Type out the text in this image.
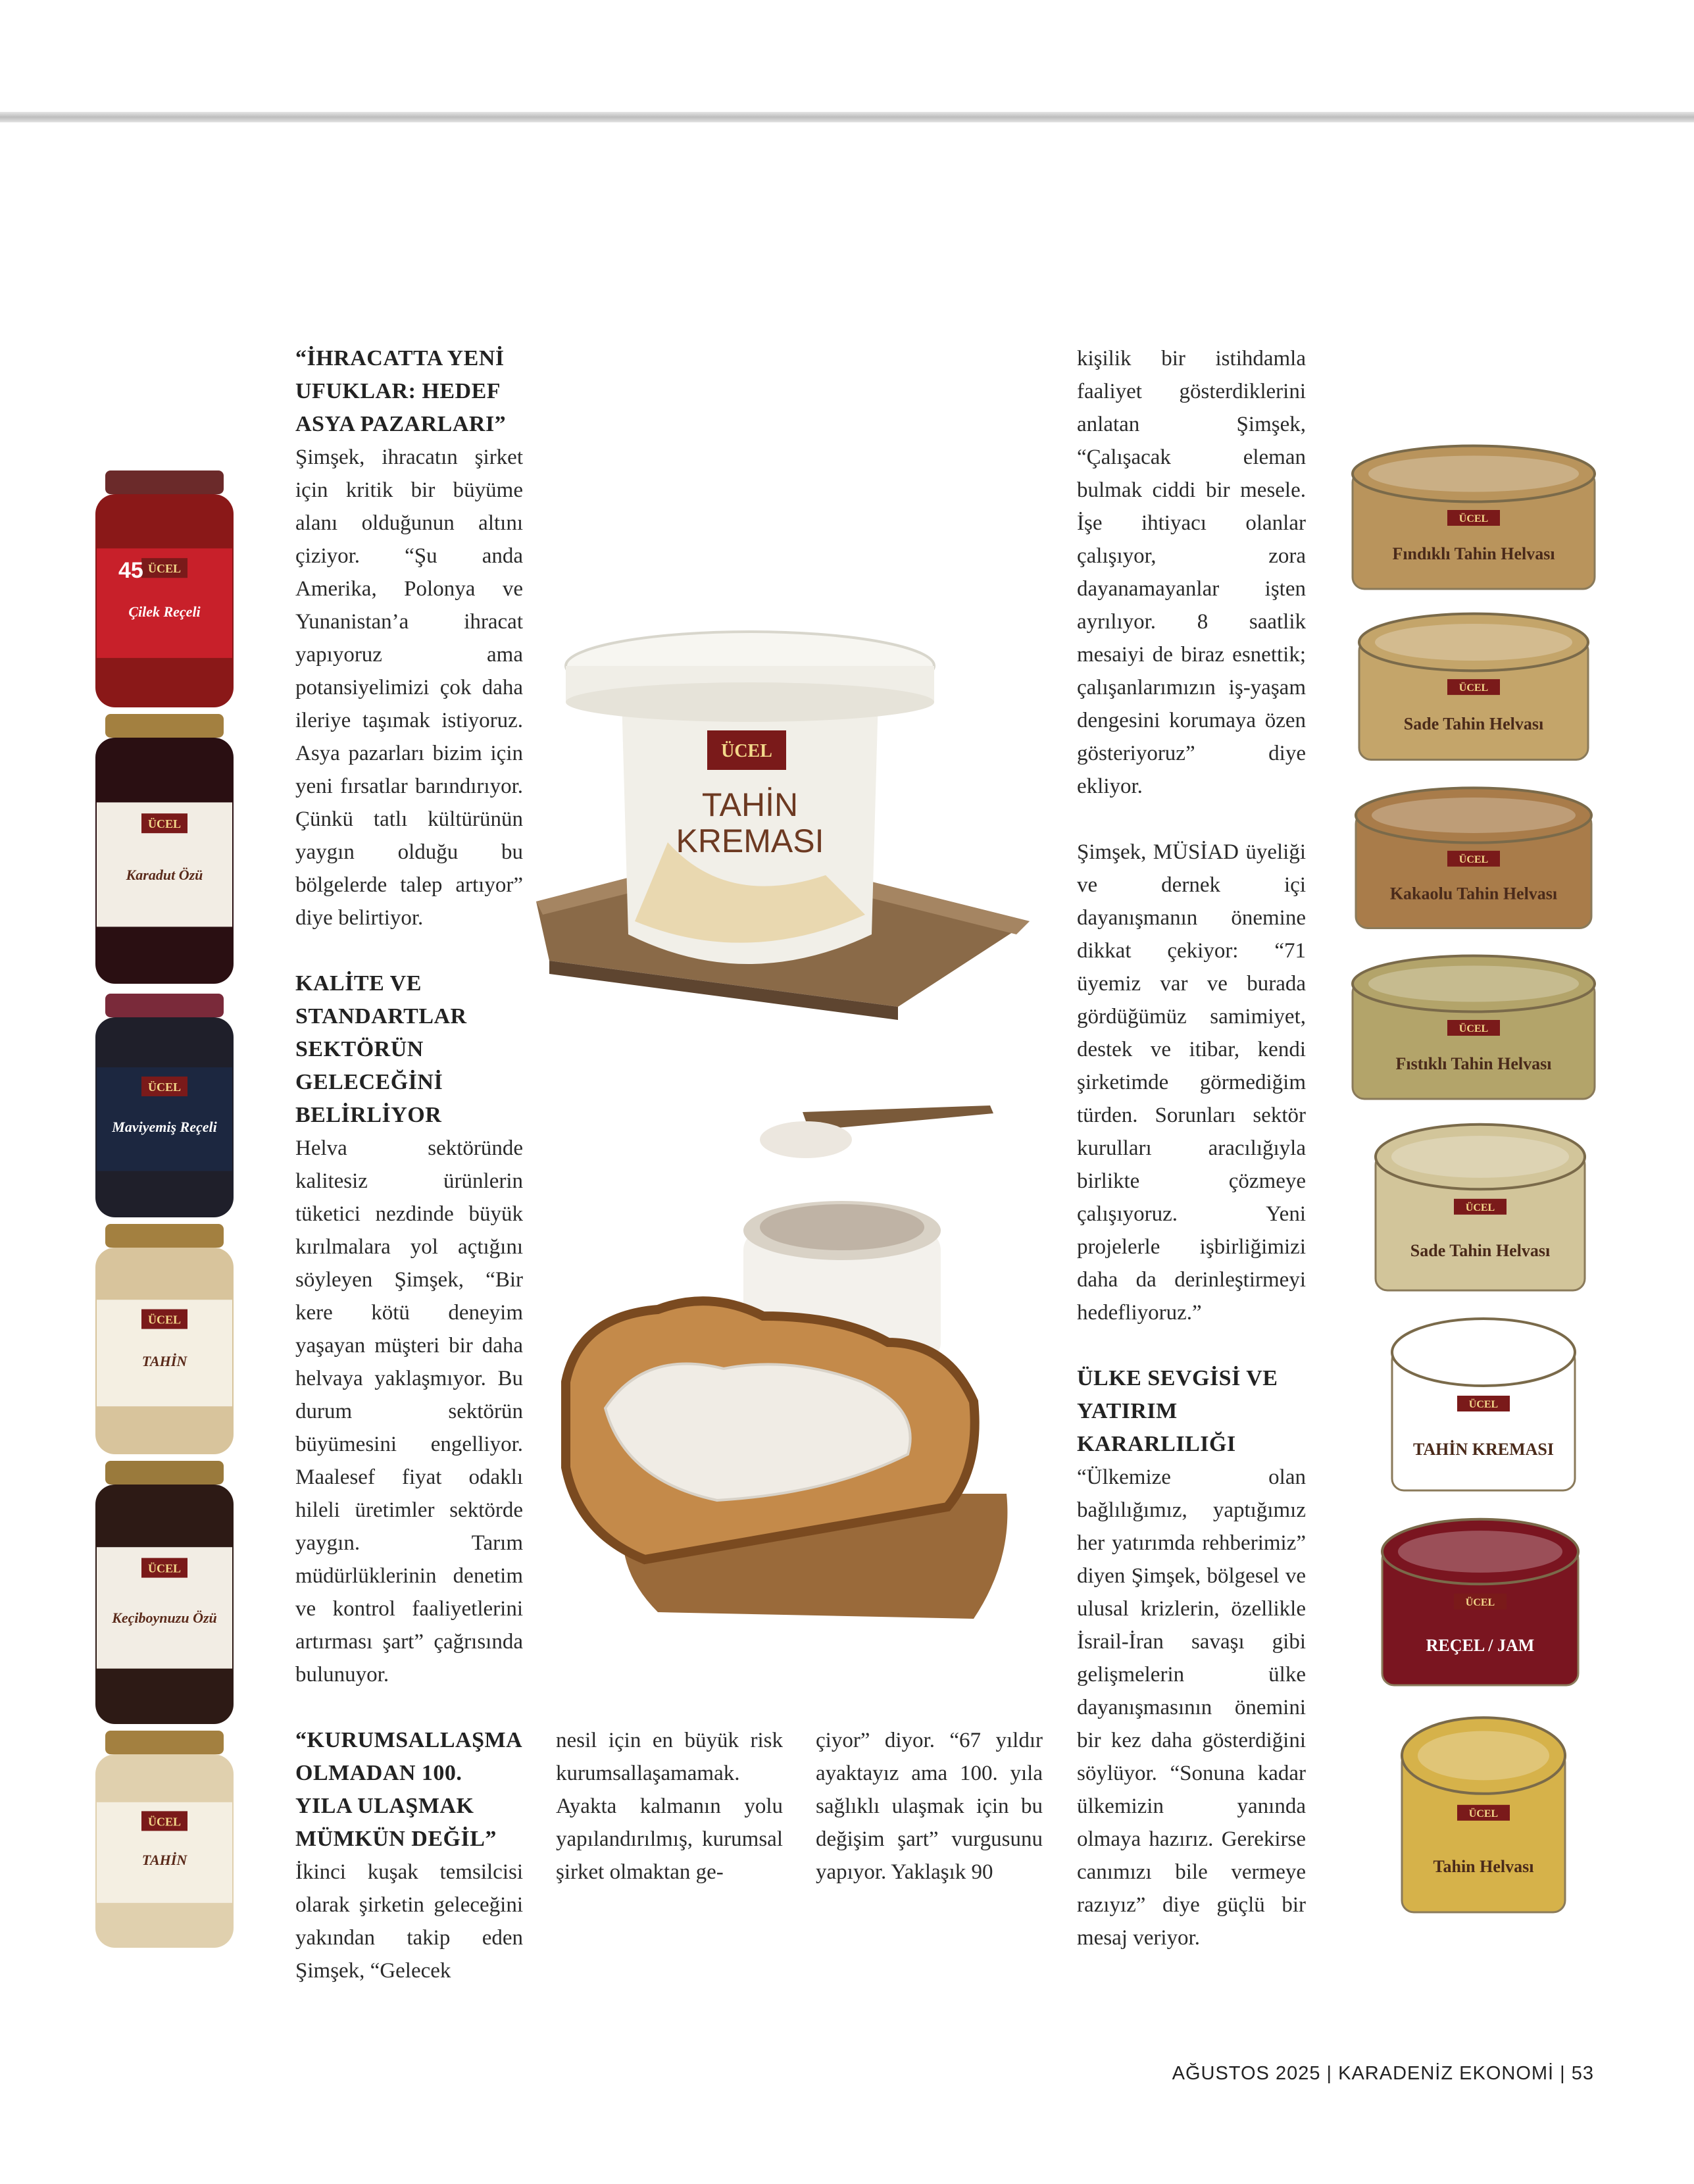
“İHRACATTA YENİ UFUKLAR: HEDEF ASYA PAZARLARI”

Şimşek, ihracatın şirket için kritik bir büyüme alanı olduğunun altını çiziyor. “Şu anda Amerika, Polonya ve Yunanistan’a ihracat yapıyoruz ama potansiyelimizi çok daha ileriye taşımak istiyoruz. Asya pazarları bizim için yeni fırsatlar barındırıyor. Çünkü tatlı kültürünün yaygın olduğu bu bölgelerde talep artıyor” diye belirtiyor.

KALİTE VE STANDARTLAR SEKTÖRÜN GELECEĞİNİ BELİRLİYOR

Helva sektöründe kalitesiz ürünlerin tüketici nezdinde büyük kırılmalara yol açtığını söyleyen Şimşek, “Bir kere kötü deneyim yaşayan müşteri bir daha helvaya yaklaşmıyor. Bu durum sektörün büyümesini engelliyor. Maalesef fiyat odaklı hileli üretimler sektörde yaygın. Tarım müdürlüklerinin denetim ve kontrol faaliyetlerini artırması şart” çağrısında bulunuyor.

“KURUMSALLAŞMA OLMADAN 100. YILA ULAŞMAK MÜMKÜN DEĞİL”

İkinci kuşak temsilcisi olarak şirketin geleceğini yakından takip eden Şimşek, “Gelecek

nesil için en büyük risk kurumsallaşamamak. Ayakta kalmanın yolu yapılandırılmış, kurumsal şirket olmaktan ge-

çiyor” diyor. “67 yıldır ayaktayız ama 100. yıla sağlıklı ulaşmak için bu değişim şart” vurgusunu yapıyor. Yaklaşık 90

kişilik bir istihdamla faaliyet gösterdiklerini anlatan Şimşek, “Çalışacak eleman bulmak ciddi bir mesele. İşe ihtiyacı olanlar çalışıyor, zora dayanamayanlar işten ayrılıyor. 8 saatlik mesaiyi de biraz esnettik; çalışanlarımızın iş-yaşam dengesini korumaya özen gösteriyoruz” diye ekliyor.

Şimşek, MÜSİAD üyeliği ve dernek içi dayanışmanın önemine dikkat çekiyor: “71 üyemiz var ve burada gördüğümüz samimiyet, destek ve itibar, kendi şirketimde görmediğim türden. Sorunları sektör kurulları aracılığıyla birlikte çözmeye çalışıyoruz. Yeni projelerle işbirliğimizi daha da derinleştirmeyi hedefliyoruz.”

ÜLKE SEVGİSİ VE YATIRIM KARARLILIĞI

“Ülkemize olan bağlılığımız, yaptığımız her yatırımda rehberimiz” diyen Şimşek, bölgesel ve ulusal krizlerin, özellikle İsrail-İran savaşı gibi gelişmelerin ülke dayanışmasının önemini bir kez daha gösterdiğini söylüyor. “Sonuna kadar ülkemizin yanında olmaya hazırız. Gerekirse canımızı bile vermeye razıyız” diye güçlü bir mesaj veriyor.

AĞUSTOS 2025 | KARADENİZ EKONOMİ | 53
ÜCEL
TAHİN
KREMASI
ÜCEL
Çilek Reçeli
45
ÜCEL
Karadut Özü
ÜCEL
Maviyemiş Reçeli
ÜCEL
TAHİN
ÜCEL
Keçiboynuzu Özü
ÜCEL
TAHİN
ÜCEL
Fındıklı Tahin Helvası
ÜCEL
Sade Tahin Helvası
ÜCEL
Kakaolu Tahin Helvası
ÜCEL
Fıstıklı Tahin Helvası
ÜCEL
Sade Tahin Helvası
ÜCEL
TAHİN KREMASI
ÜCEL
REÇEL / JAM
ÜCEL
Tahin Helvası
